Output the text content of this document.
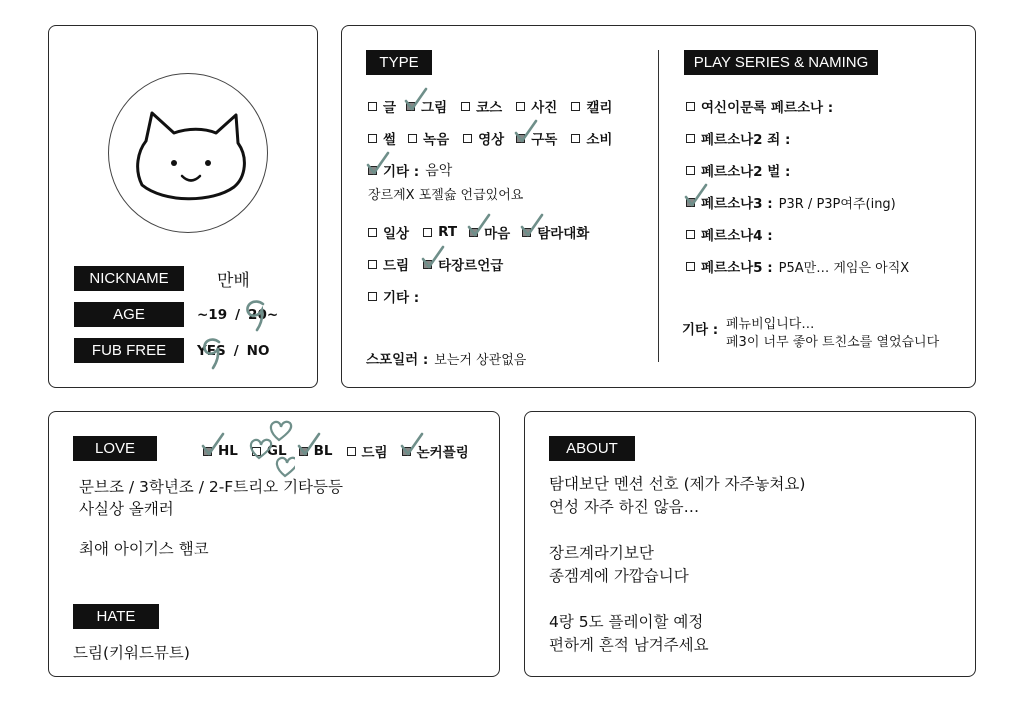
NICKNAME	만배
AGE	~19 / 20~
FUB FREE	YES / NO
TYPE
글 그림 코스 사진 캘리
썰 녹음 영상 구독 소비
기타 : 음악
장르계X 포젤슖 언급있어요
일상 RT 마음 탐라대화
드림 타장르언급
기타 :
스포일러 : 보는거 상관없음
PLAY SERIES & NAMING
여신이문록 페르소나 :
페르소나2 죄 :
페르소나2 벌 :
페르소나3 : P3R / P3P여주(ing)
페르소나4 :
페르소나5 : P5A만… 게임은 아직X
기타 : 페뉴비입니다…
페3이 너무 좋아 트친소를 열었습니다
LOVE	HL GL BL 드림 논커플링
문브조 / 3학년조 / 2-F트리오 기타등등
사실상 올캐러
최애 아이기스 햄코
HATE
드림(키워드뮤트)
ABOUT
탐대보단 멘션 선호 (제가 자주놓쳐요)
연성 자주 하진 않음…
장르계라기보단
종겜계에 가깝습니다
4랑 5도 플레이할 예정
편하게 흔적 남겨주세요
